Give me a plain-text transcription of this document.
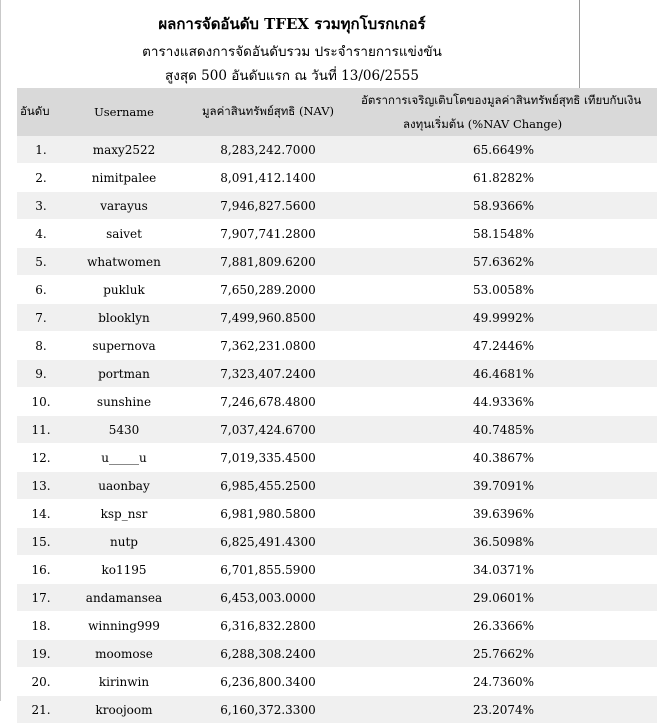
ผลการจัดอันดับ TFEX รวมทุกโบรกเกอร์
ตารางแสดงการจัดอันดับรวม ประจำรายการแข่งขัน
สูงสุด 500 อันดับแรก ณ วันที่ 13/06/2555
อันดับ	Username	มูลค่าสินทรัพย์สุทธิ (NAV)	อัตราการเจริญเติบโตของมูลค่าสินทรัพย์สุทธิ เทียบกับเงิน
ลงทุนเริ่มต้น (%NAV Change)

1.	maxy2522	8,283,242.7000	65.6649%
2.	nimitpalee	8,091,412.1400	61.8282%
3.	varayus	7,946,827.5600	58.9366%
4.	saivet	7,907,741.2800	58.1548%
5.	whatwomen	7,881,809.6200	57.6362%
6.	pukluk	7,650,289.2000	53.0058%
7.	blooklyn	7,499,960.8500	49.9992%
8.	supernova	7,362,231.0800	47.2446%
9.	portman	7,323,407.2400	46.4681%
10.	sunshine	7,246,678.4800	44.9336%
11.	5430	7,037,424.6700	40.7485%
12.	u_____u	7,019,335.4500	40.3867%
13.	uaonbay	6,985,455.2500	39.7091%
14.	ksp_nsr	6,981,980.5800	39.6396%
15.	nutp	6,825,491.4300	36.5098%
16.	ko1195	6,701,855.5900	34.0371%
17.	andamansea	6,453,003.0000	29.0601%
18.	winning999	6,316,832.2800	26.3366%
19.	moomose	6,288,308.2400	25.7662%
20.	kirinwin	6,236,800.3400	24.7360%
21.	kroojoom	6,160,372.3300	23.2074%
